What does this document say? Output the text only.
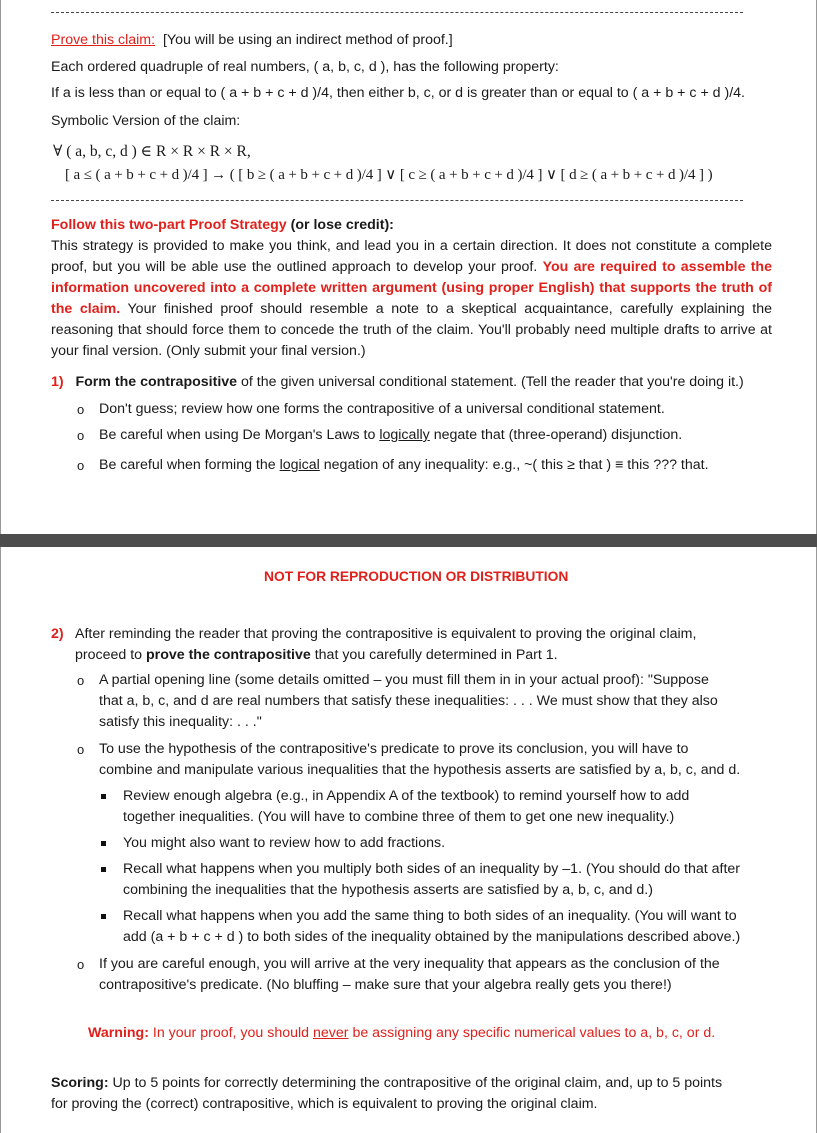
Prove this claim: [You will be using an indirect method of proof.]
Each ordered quadruple of real numbers, ( a, b, c, d ), has the following property:
If a is less than or equal to ( a + b + c + d )/4, then either b, c, or d is greater than or equal to ( a + b + c + d )/4.
Symbolic Version of the claim:
∀ ( a, b, c, d ) ∈ R × R × R × R,
[ a ≤ ( a + b + c + d )/4 ] → ( [ b ≥ ( a + b + c + d )/4 ] ∨ [ c ≥ ( a + b + c + d )/4 ] ∨ [ d ≥ ( a + b + c + d )/4 ] )
Follow this two-part Proof Strategy (or lose credit):
This strategy is provided to make you think, and lead you in a certain direction. It does not constitute a complete proof, but you will be able use the outlined approach to develop your proof. You are required to assemble the information uncovered into a complete written argument (using proper English) that supports the truth of the claim. Your finished proof should resemble a note to a skeptical acquaintance, carefully explaining the reasoning that should force them to concede the truth of the claim. You'll probably need multiple drafts to arrive at your final version. (Only submit your final version.)
1) Form the contrapositive of the given universal conditional statement. (Tell the reader that you're doing it.)
o Don't guess; review how one forms the contrapositive of a universal conditional statement.
o Be careful when using De Morgan's Laws to logically negate that (three-operand) disjunction.
o Be careful when forming the logical negation of any inequality: e.g., ~( this ≥ that ) ≡ this ??? that.
NOT FOR REPRODUCTION OR DISTRIBUTION
2) After reminding the reader that proving the contrapositive is equivalent to proving the original claim,
proceed to prove the contrapositive that you carefully determined in Part 1.
o A partial opening line (some details omitted – you must fill them in in your actual proof): "Suppose
that a, b, c, and d are real numbers that satisfy these inequalities: . . . We must show that they also
satisfy this inequality: . . ."
o To use the hypothesis of the contrapositive's predicate to prove its conclusion, you will have to
combine and manipulate various inequalities that the hypothesis asserts are satisfied by a, b, c, and d.
Review enough algebra (e.g., in Appendix A of the textbook) to remind yourself how to add
together inequalities. (You will have to combine three of them to get one new inequality.)
You might also want to review how to add fractions.
Recall what happens when you multiply both sides of an inequality by –1. (You should do that after
combining the inequalities that the hypothesis asserts are satisfied by a, b, c, and d.)
Recall what happens when you add the same thing to both sides of an inequality. (You will want to
add (a + b + c + d ) to both sides of the inequality obtained by the manipulations described above.)
o If you are careful enough, you will arrive at the very inequality that appears as the conclusion of the
contrapositive's predicate. (No bluffing – make sure that your algebra really gets you there!)
Warning: In your proof, you should never be assigning any specific numerical values to a, b, c, or d.
Scoring: Up to 5 points for correctly determining the contrapositive of the original claim, and, up to 5 points
for proving the (correct) contrapositive, which is equivalent to proving the original claim.
